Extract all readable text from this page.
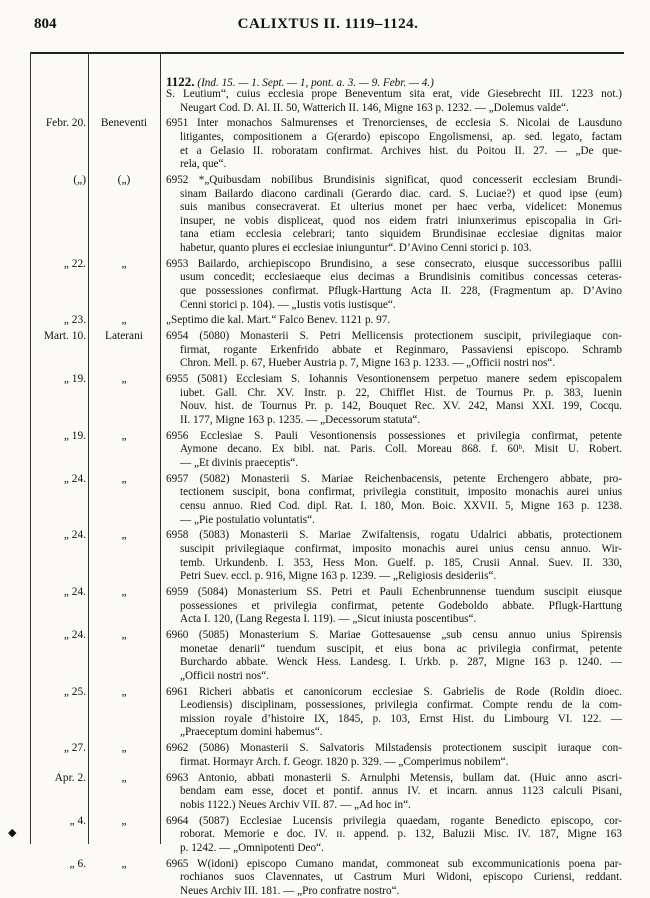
804	CALIXTUS II. 1119–1124.
1122. (Ind. 15. — 1. Sept. — 1, pont. a. 3. — 9. Febr. — 4.)
S. Leutium“, cuius ecclesia prope Beneventum sita erat, vide Giesebrecht III. 1223 not.)
Neugart Cod. D. Al. II. 50, Watterich II. 146, Migne 163 p. 1232. — „Dolemus valde“.
Febr. 20.	Beneventi	6951 Inter monachos Salmurenses et Trenorcienses, de ecclesia S. Nicolai de Lausduno
litigantes, compositionem a G(erardo) episcopo Engolismensi, ap. sed. legato, factam
et a Gelasio II. roboratam confirmat. Archives hist. du Poitou II. 27. — „De que-
rela, que“.
(„)	(„)	6952 *„Quibusdam nobilibus Brundisinis significat, quod concesserit ecclesiam Brundi-
sinam Bailardo diacono cardinali (Gerardo diac. card. S. Luciae?) et quod ipse (eum)
suis manibus consecraverat. Et ulterius monet per haec verba, videlicet: Monemus
insuper, ne vobis displiceat, quod nos eidem fratri iniunxerimus episcopalia in Gri-
tana etiam ecclesia celebrari; tanto siquidem Brundisinae ecclesiae dignitas maior
habetur, quanto plures ei ecclesiae iniunguntur“. D’Avino Cenni storici p. 103.
„ 22.	„	6953 Bailardo, archiepiscopo Brundisino, a sese consecrato, eiusque successoribus pallii
usum concedit; ecclesiaeque eius decimas a Brundisinis comitibus concessas ceteras-
que possessiones confirmat. Pflugk-Harttung Acta II. 228, (Fragmentum ap. D’Avino
Cenni storici p. 104). — „Iustis votis iustisque“.
„ 23.	„	„Septimo die kal. Mart.“ Falco Benev. 1121 p. 97.
Mart. 10.	Laterani	6954 (5080) Monasterii S. Petri Mellicensis protectionem suscipit, privilegiaque con-
firmat, rogante Erkenfrido abbate et Reginmaro, Passaviensi episcopo. Schramb
Chron. Mell. p. 67, Hueber Austria p. 7, Migne 163 p. 1233. — „Officii nostri nos“.
„ 19.	„	6955 (5081) Ecclesiam S. Iohannis Vesontionensem perpetuo manere sedem episcopalem
iubet. Gall. Chr. XV. Instr. p. 22, Chifflet Hist. de Tournus Pr. p. 383, Iuenin
Nouv. hist. de Tournus Pr. p. 142, Bouquet Rec. XV. 242, Mansi XXI. 199, Cocqu.
II. 177, Migne 163 p. 1235. — „Decessorum statuta“.
„ 19.	„	6956 Ecclesiae S. Pauli Vesontionensis possessiones et privilegia confirmat, petente
Aymone decano. Ex bibl. nat. Paris. Coll. Moreau 868. f. 60ᵇ. Misit U. Robert.
— „Et divinis praeceptis“.
„ 24.	„	6957 (5082) Monasterii S. Mariae Reichenbacensis, petente Erchengero abbate, pro-
tectionem suscipit, bona confirmat, privilegia constituit, imposito monachis aurei unius
censu annuo. Ried Cod. dipl. Rat. I. 180, Mon. Boic. XXVII. 5, Migne 163 p. 1238.
— „Pie postulatio voluntatis“.
„ 24.	„	6958 (5083) Monasterii S. Mariae Zwifaltensis, rogatu Udalrici abbatis, protectionem
suscipit privilegiaque confirmat, imposito monachis aurei unius censu annuo. Wir-
temb. Urkundenb. I. 353, Hess Mon. Guelf. p. 185, Crusii Annal. Suev. II. 330,
Petri Suev. eccl. p. 916, Migne 163 p. 1239. — „Religiosis desideriis“.
„ 24.	„	6959 (5084) Monasterium SS. Petri et Pauli Echenbrunnense tuendum suscipit eiusque
possessiones et privilegia confirmat, petente Godeboldo abbate. Pflugk-Harttung
Acta I. 120, (Lang Regesta I. 119). — „Sicut iniusta poscentibus“.
„ 24.	„	6960 (5085) Monasterium S. Mariae Gottesauense „sub censu annuo unius Spirensis
monetae denarii“ tuendum suscipit, et eius bona ac privilegia confirmat, petente
Burchardo abbate. Wenck Hess. Landesg. I. Urkb. p. 287, Migne 163 p. 1240. —
„Officii nostri nos“.
„ 25.	„	6961 Richeri abbatis et canonicorum ecclesiae S. Gabrielis de Rode (Roldin dioec.
Leodiensis) disciplinam, possessiones, privilegia confirmat. Compte rendu de la com-
mission royale d’histoire IX, 1845, p. 103, Ernst Hist. du Limbourg VI. 122. —
„Praeceptum domini habemus“.
„ 27.	„	6962 (5086) Monasterii S. Salvatoris Milstadensis protectionem suscipit iuraque con-
firmat. Hormayr Arch. f. Geogr. 1820 p. 329. — „Comperimus nobilem“.
Apr. 2.	„	6963 Antonio, abbati monasterii S. Arnulphi Metensis, bullam dat. (Huic anno ascri-
bendam eam esse, docet et pontif. annus IV. et incarn. annus 1123 calculi Pisani,
nobis 1122.) Neues Archiv VII. 87. — „Ad hoc in“.
„ 4.	„	6964 (5087) Ecclesiae Lucensis privilegia quaedam, rogante Benedicto episcopo, cor-
roborat. Memorie e doc. IV. ɪɪ. append. p. 132, Baluzii Misc. IV. 187, Migne 163
p. 1242. — „Omnipotenti Deo“.
„ 6.	„	6965 W(idoni) episcopo Cumano mandat, commoneat sub excommunicationis poena par-
rochianos suos Clavennates, ut Castrum Muri Widoni, episcopo Curiensi, reddant.
Neues Archiv III. 181. — „Pro confratre nostro“.
◆
